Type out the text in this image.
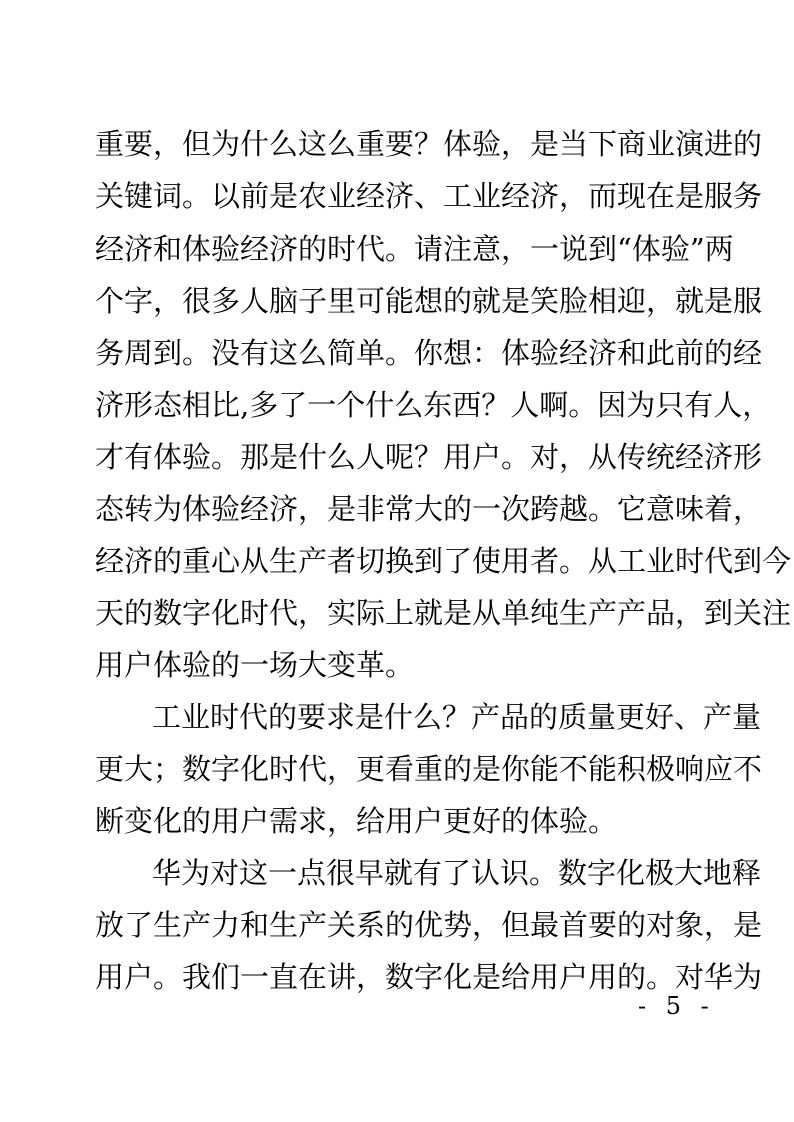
重要，但为什么这么重要？体验，是当下商业演进的
关键词。以前是农业经济、工业经济，而现在是服务
经济和体验经济的时代。请注意，一说到“体验”两
个字，很多人脑子里可能想的就是笑脸相迎，就是服
务周到。没有这么简单。你想：体验经济和此前的经
济形态相比,多了一个什么东西？人啊。因为只有人，
才有体验。那是什么人呢？用户。对，从传统经济形
态转为体验经济，是非常大的一次跨越。它意味着，
经济的重心从生产者切换到了使用者。从工业时代到今
天的数字化时代，实际上就是从单纯生产产品，到关注
用户体验的一场大变革。
工业时代的要求是什么？产品的质量更好、产量
更大；数字化时代，更看重的是你能不能积极响应不
断变化的用户需求，给用户更好的体验。
华为对这一点很早就有了认识。数字化极大地释
放了生产力和生产关系的优势，但最首要的对象，是
用户。我们一直在讲，数字化是给用户用的。对华为
- 5 -
